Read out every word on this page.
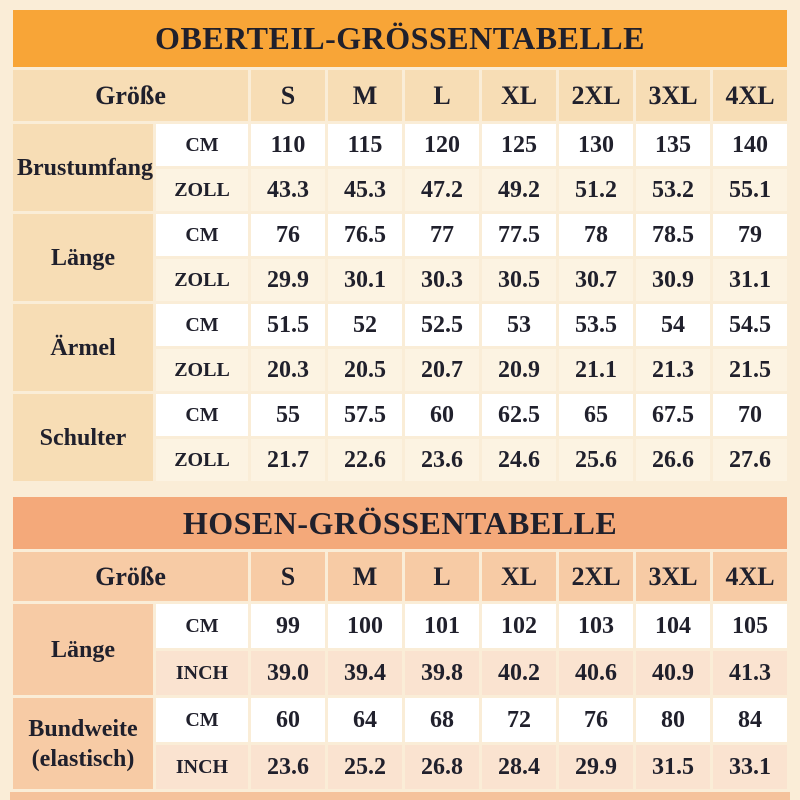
OBERTEIL-GRÖSSENTABELLE								
Größe		S	M	L	XL	2XL	3XL	4XL
Brustumfang	CM	110	115	120	125	130	135	140
	ZOLL	43.3	45.3	47.2	49.2	51.2	53.2	55.1
Länge	CM	76	76.5	77	77.5	78	78.5	79
	ZOLL	29.9	30.1	30.3	30.5	30.7	30.9	31.1
Ärmel	CM	51.5	52	52.5	53	53.5	54	54.5
	ZOLL	20.3	20.5	20.7	20.9	21.1	21.3	21.5
Schulter	CM	55	57.5	60	62.5	65	67.5	70
	ZOLL	21.7	22.6	23.6	24.6	25.6	26.6	27.6
HOSEN-GRÖSSENTABELLE								
Größe		S	M	L	XL	2XL	3XL	4XL
Länge	CM	99	100	101	102	103	104	105
	INCH	39.0	39.4	39.8	40.2	40.6	40.9	41.3
Bundweite (elastisch)	CM	60	64	68	72	76	80	84
	INCH	23.6	25.2	26.8	28.4	29.9	31.5	33.1
